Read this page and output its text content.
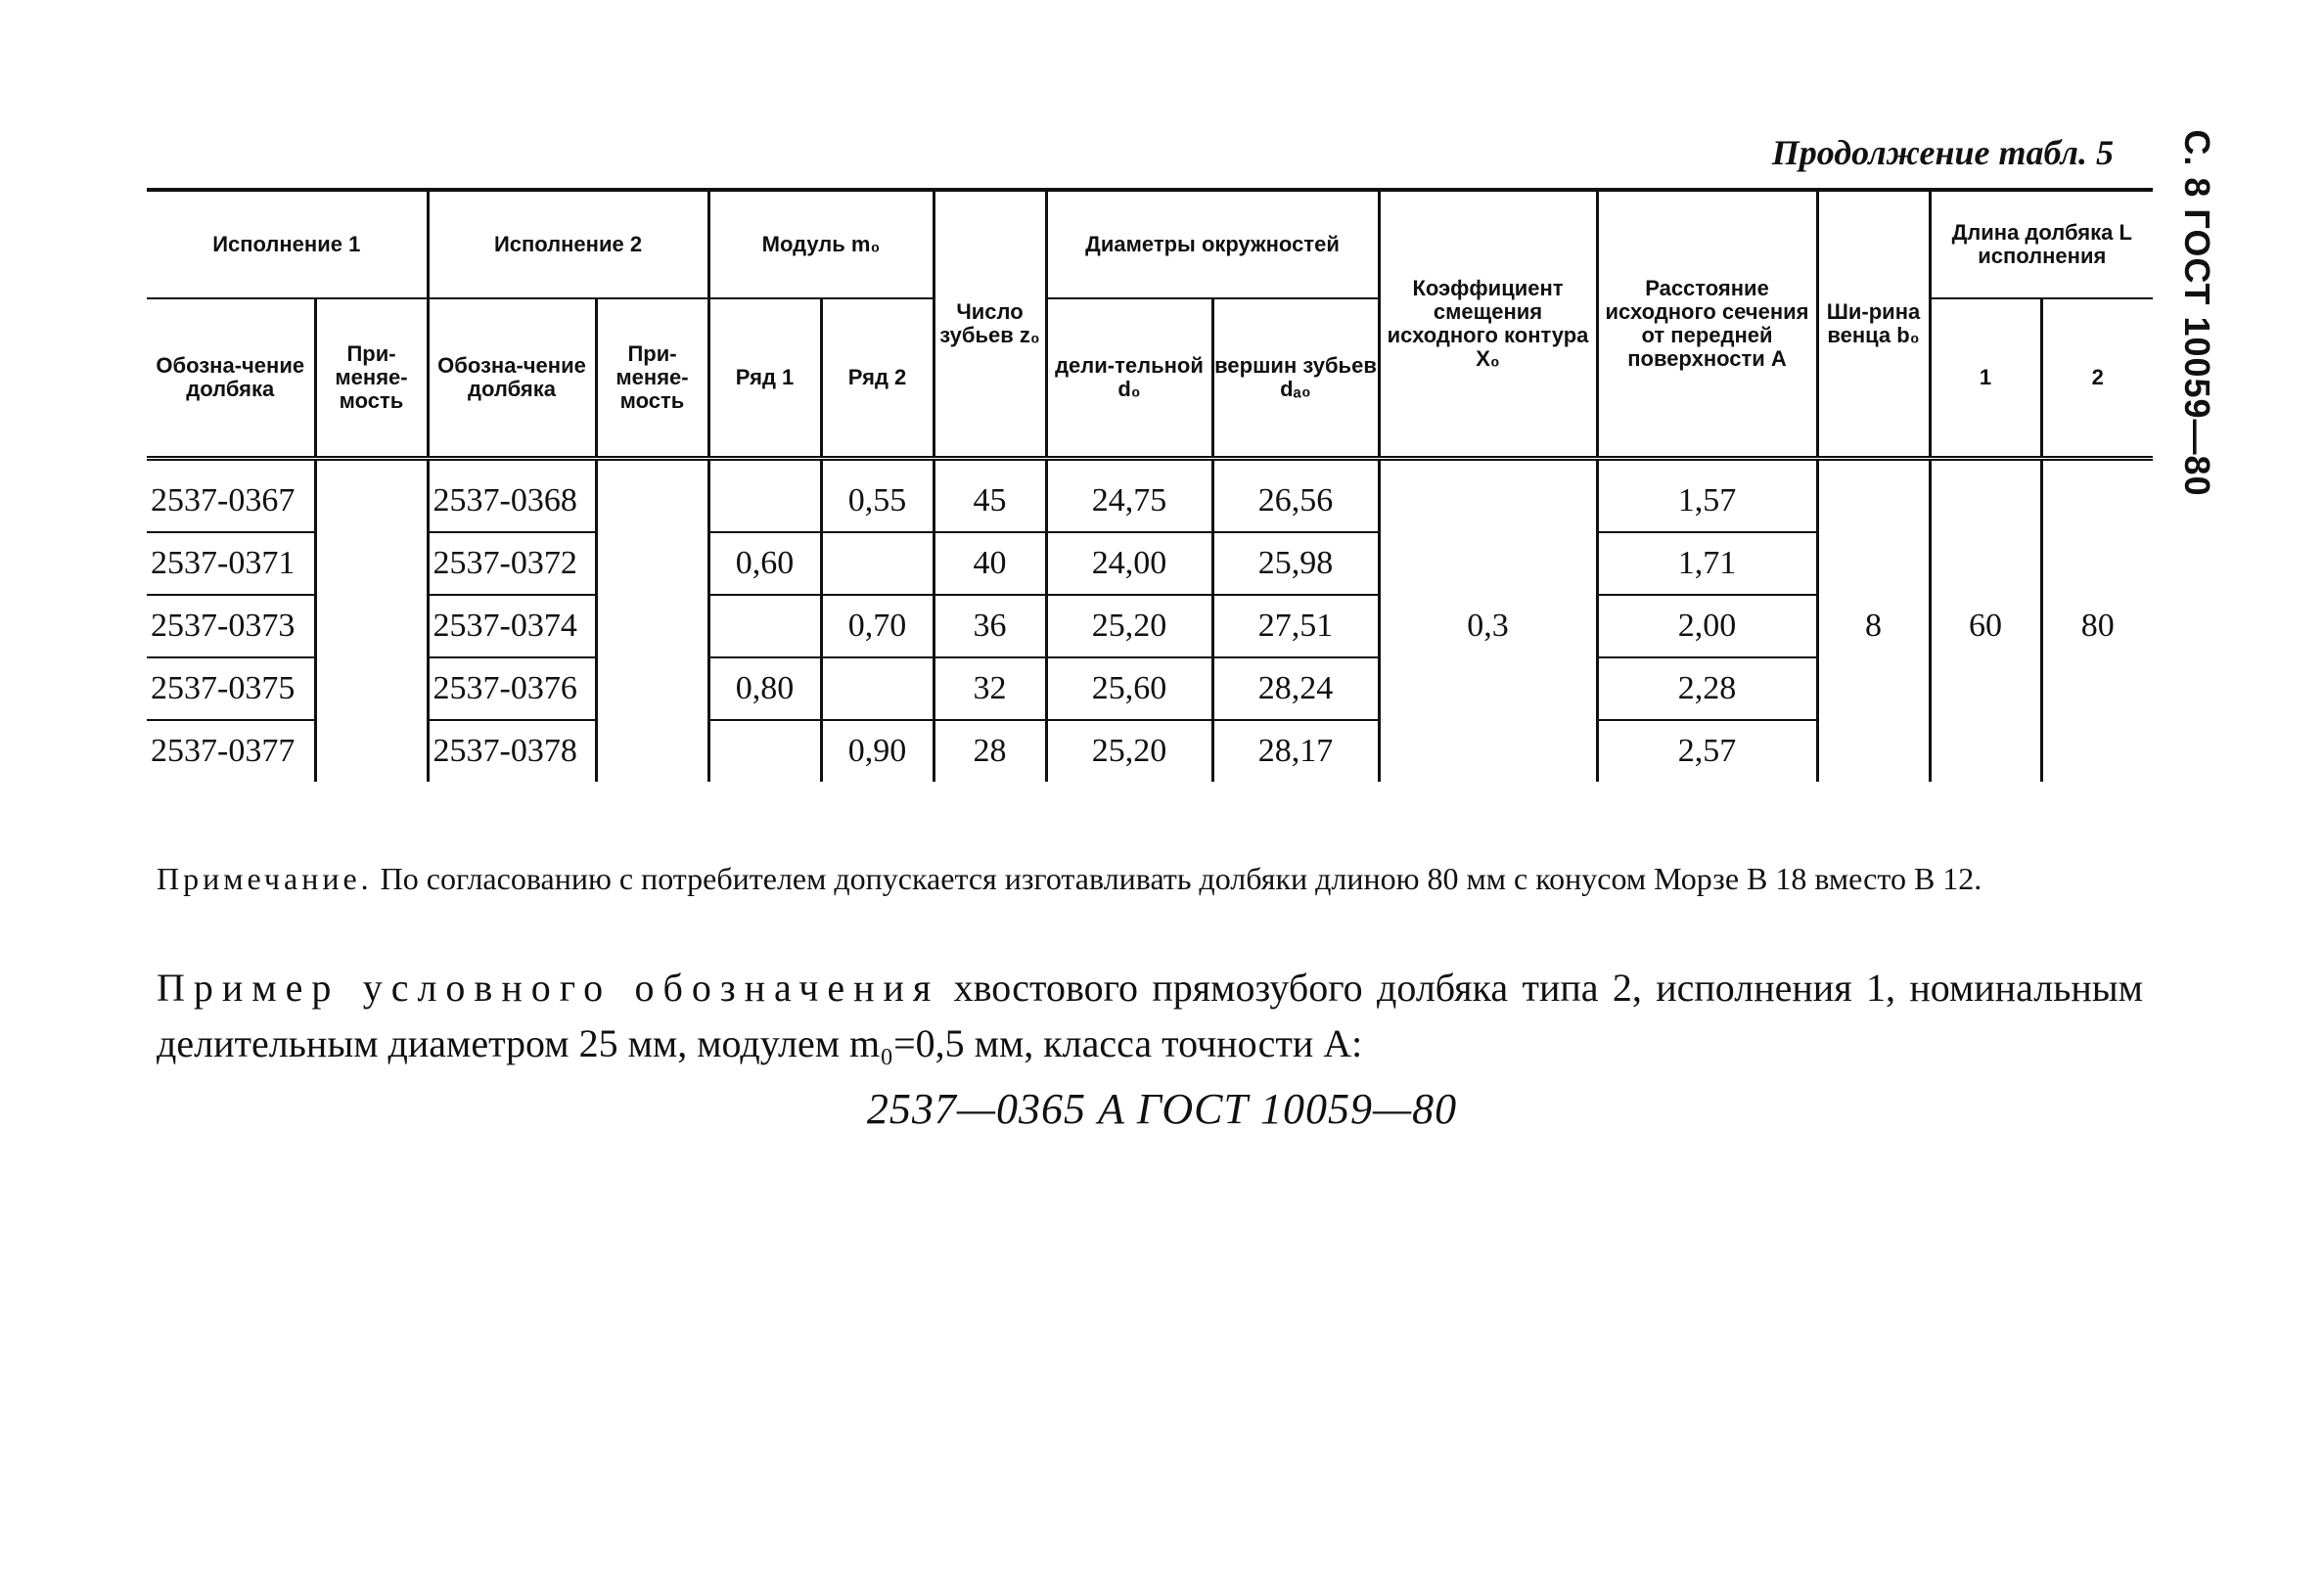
С. 8 ГОСТ 10059—80
Продолжение табл. 5
Исполнение 1		Исполнение 2		Модуль m₀		Число зубьев z₀	Диаметры окружностей		Коэффициент смещения исходного контура X₀	Расстояние исходного сечения от передней поверхности A	Ши-рина венца b₀	Длина долбяка L исполнения	
Обозна-чение долбяка	При-меняе-мость	Обозна-чение долбяка	При-меняе-мость	Ряд 1	Ряд 2		дели-тельной d₀	вершин зубьев dₐ₀				1	2
2537-0367		2537-0368			0,55	45	24,75	26,56	0,3	1,57	8	60	80
2537-0371		2537-0372		0,60		40	24,00	25,98		1,71			
2537-0373		2537-0374			0,70	36	25,20	27,51		2,00			
2537-0375		2537-0376		0,80		32	25,60	28,24		2,28			
2537-0377		2537-0378			0,90	28	25,20	28,17		2,57			
Примечание. По согласованию с потребителем допускается изготавливать долбяки длиною 80 мм с конусом Морзе В 18 вместо В 12.
Пример условного обозначения хвостового прямозубого долбяка типа 2, исполнения 1, номинальным делительным диаметром 25 мм, модулем m₀=0,5 мм, класса точности А:
2537—0365 А ГОСТ 10059—80
